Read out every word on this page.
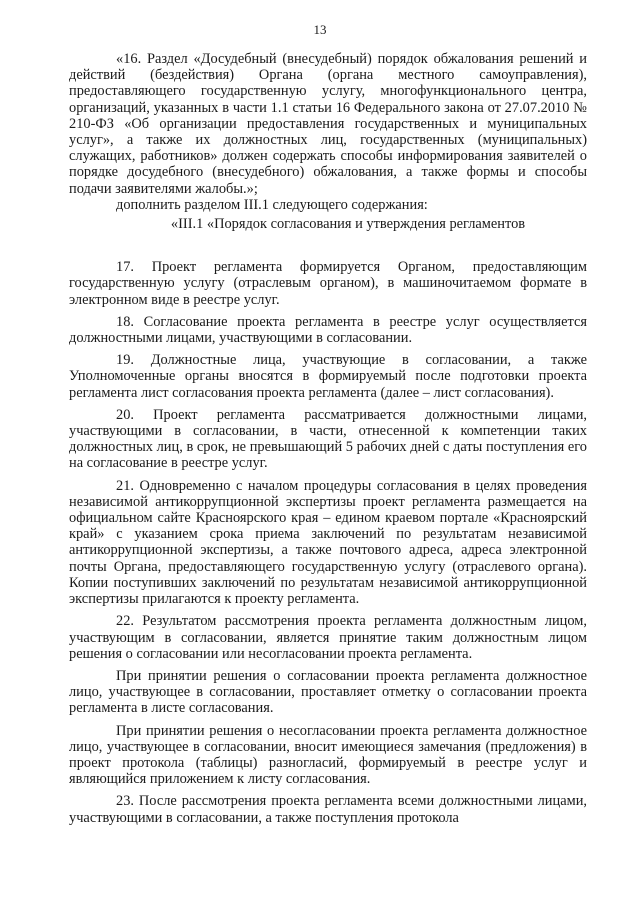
13

«16. Раздел «Досудебный (внесудебный) порядок обжалования решений и действий (бездействия) Органа (органа местного самоуправления), предоставляющего государственную услугу, многофункционального центра, организаций, указанных в части 1.1 статьи 16 Федерального закона от 27.07.2010 № 210-ФЗ «Об организации предоставления государственных и муниципальных услуг», а также их должностных лиц, государственных (муниципальных) служащих, работников» должен содержать способы информирования заявителей о порядке досудебного (внесудебного) обжалования, а также формы и способы подачи заявителями жалобы.»;

дополнить разделом III.1 следующего содержания:

«III.1 «Порядок согласования и утверждения регламентов

17. Проект регламента формируется Органом, предоставляющим государственную услугу (отраслевым органом), в машиночитаемом формате в электронном виде в реестре услуг.

18. Согласование проекта регламента в реестре услуг осуществляется должностными лицами, участвующими в согласовании.

19. Должностные лица, участвующие в согласовании, а также Уполномоченные органы вносятся в формируемый после подготовки проекта регламента лист согласования проекта регламента (далее – лист согласования).

20. Проект регламента рассматривается должностными лицами, участвующими в согласовании, в части, отнесенной к компетенции таких должностных лиц, в срок, не превышающий 5 рабочих дней с даты поступления его на согласование в реестре услуг.

21. Одновременно с началом процедуры согласования в целях проведения независимой антикоррупционной экспертизы проект регламента размещается на официальном сайте Красноярского края – едином краевом портале «Красноярский край» с указанием срока приема заключений по результатам независимой антикоррупционной экспертизы, а также почтового адреса, адреса электронной почты Органа, предоставляющего государственную услугу (отраслевого органа). Копии поступивших заключений по результатам независимой антикоррупционной экспертизы прилагаются к проекту регламента.

22. Результатом рассмотрения проекта регламента должностным лицом, участвующим в согласовании, является принятие таким должностным лицом решения о согласовании или несогласовании проекта регламента.

При принятии решения о согласовании проекта регламента должностное лицо, участвующее в согласовании, проставляет отметку о согласовании проекта регламента в листе согласования.

При принятии решения о несогласовании проекта регламента должностное лицо, участвующее в согласовании, вносит имеющиеся замечания (предложения) в проект протокола (таблицы) разногласий, формируемый в реестре услуг и являющийся приложением к листу согласования.

23. После рассмотрения проекта регламента всеми должностными лицами, участвующими в согласовании, а также поступления протокола
